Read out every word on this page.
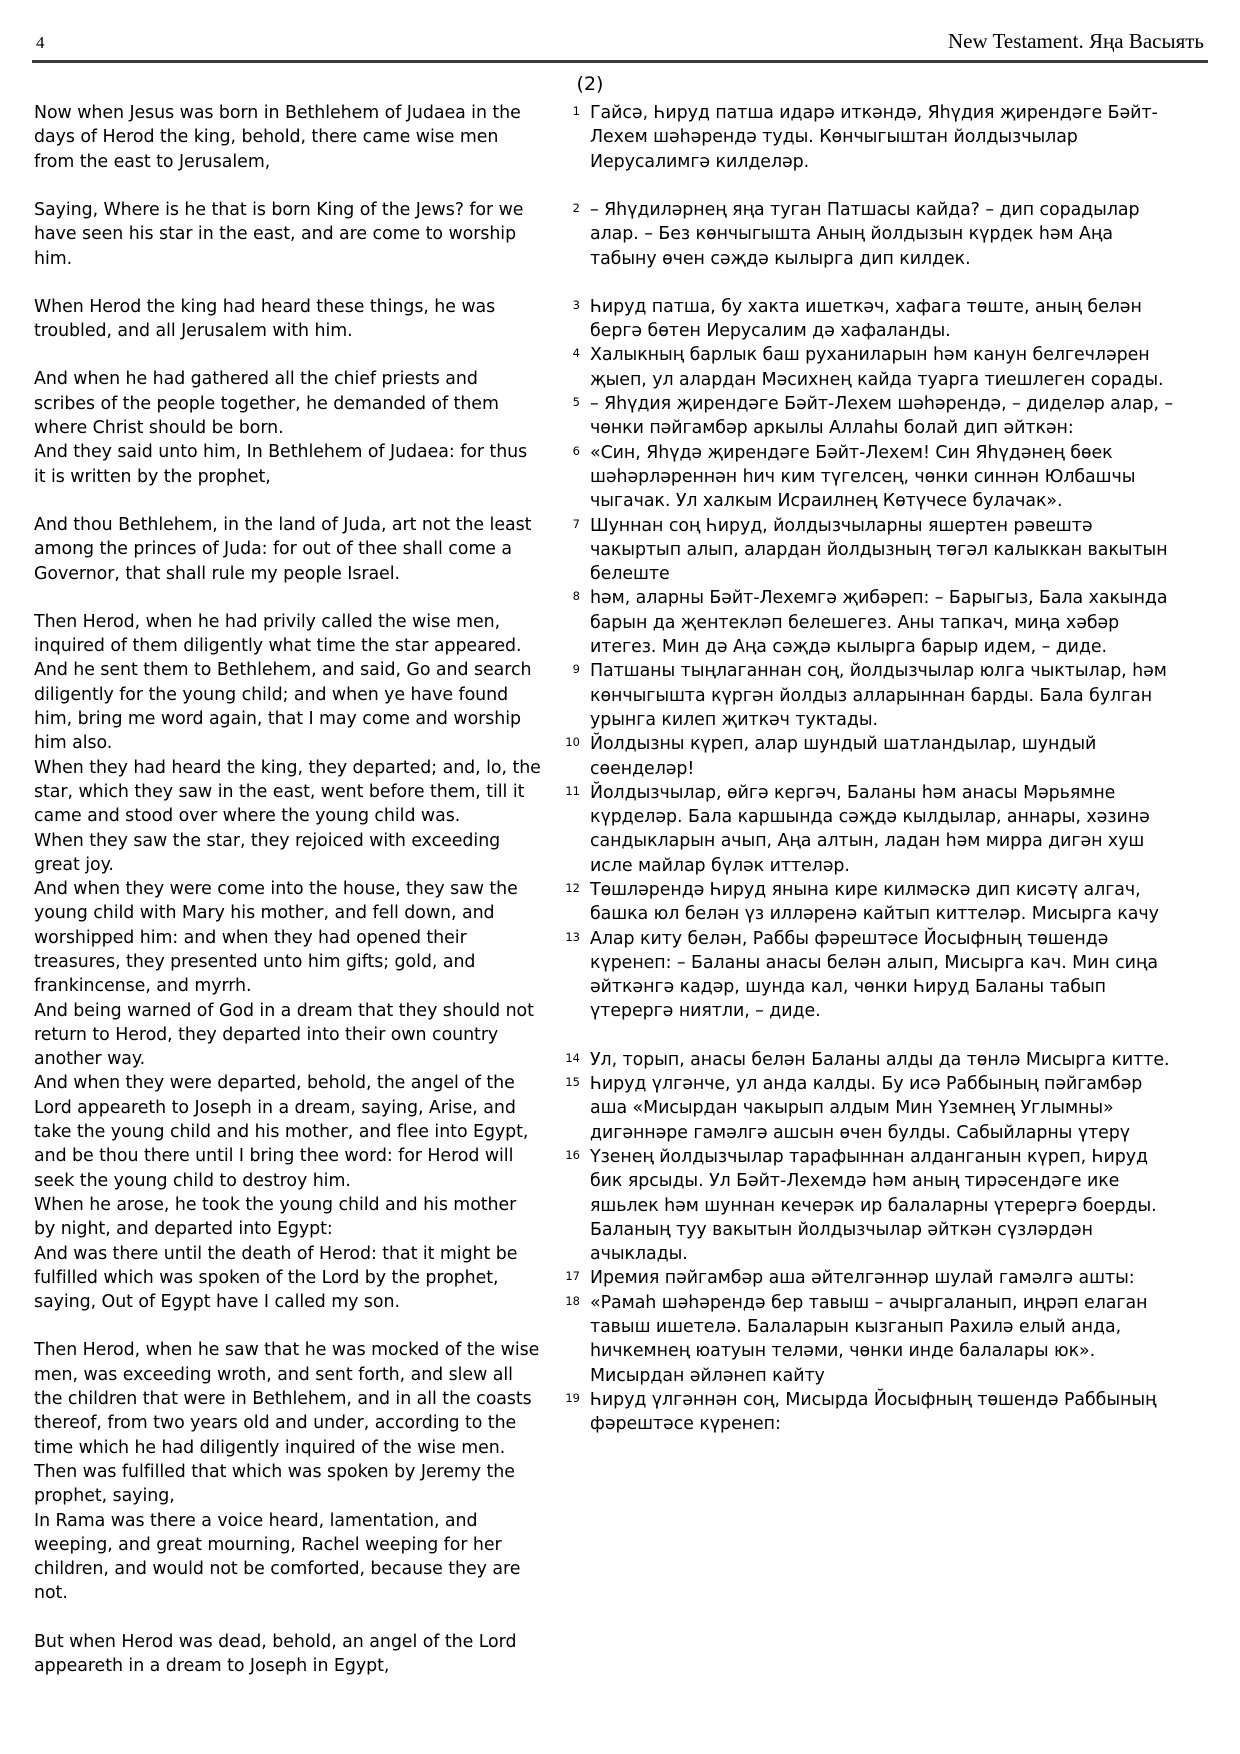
4	New Testament. Яңа Васыять
(2)

Now when Jesus was born in Bethlehem of Judaea in the days of Herod the king, behold, there came wise men from the east to Jerusalem,

Saying, Where is he that is born King of the Jews? for we have seen his star in the east, and are come to worship him.

When Herod the king had heard these things, he was troubled, and all Jerusalem with him.

And when he had gathered all the chief priests and scribes of the people together, he demanded of them where Christ should be born.

And they said unto him, In Bethlehem of Judaea: for thus it is written by the prophet,

And thou Bethlehem, in the land of Juda, art not the least among the princes of Juda: for out of thee shall come a Governor, that shall rule my people Israel.

Then Herod, when he had privily called the wise men, inquired of them diligently what time the star appeared.

And he sent them to Bethlehem, and said, Go and search diligently for the young child; and when ye have found him, bring me word again, that I may come and worship him also.

When they had heard the king, they departed; and, lo, the star, which they saw in the east, went before them, till it came and stood over where the young child was.

When they saw the star, they rejoiced with exceeding great joy.

And when they were come into the house, they saw the young child with Mary his mother, and fell down, and worshipped him: and when they had opened their treasures, they presented unto him gifts; gold, and frankincense, and myrrh.

And being warned of God in a dream that they should not return to Herod, they departed into their own country another way.

And when they were departed, behold, the angel of the Lord appeareth to Joseph in a dream, saying, Arise, and take the young child and his mother, and flee into Egypt, and be thou there until I bring thee word: for Herod will seek the young child to destroy him.

When he arose, he took the young child and his mother by night, and departed into Egypt:

And was there until the death of Herod: that it might be fulfilled which was spoken of the Lord by the prophet, saying, Out of Egypt have I called my son.

Then Herod, when he saw that he was mocked of the wise men, was exceeding wroth, and sent forth, and slew all the children that were in Bethlehem, and in all the coasts thereof, from two years old and under, according to the time which he had diligently inquired of the wise men.

Then was fulfilled that which was spoken by Jeremy the prophet, saying,

In Rama was there a voice heard, lamentation, and weeping, and great mourning, Rachel weeping for her children, and would not be comforted, because they are not.

But when Herod was dead, behold, an angel of the Lord appeareth in a dream to Joseph in Egypt,

1 Гайсә, Һируд патша идарә иткәндә, Яһүдия җирендәге Бәйт-Лехем шәһәрендә туды. Көнчыгыштан йолдызчылар Иерусалимгә килделәр.
2 – Яһүдиләрнең яңа туган Патшасы кайда? – дип сорадылар алар. – Без көнчыгышта Аның йолдызын күрдек һәм Аңа табыну өчен сәҗдә кылырга дип килдек.
3 Һируд патша, бу хакта ишеткәч, хафага төште, аның белән бергә бөтен Иерусалим дә хафаланды.
4 Халыкның барлык баш руханиларын һәм канун белгечләрен җыеп, ул алардан Мәсихнең кайда туарга тиешлеген сорады.
5 – Яһүдия җирендәге Бәйт-Лехем шәһәрендә, – диделәр алар, – чөнки пәйгамбәр аркылы Аллаһы болай дип әйткән:
6 «Син, Яһүдә җирендәге Бәйт-Лехем! Син Яһүдәнең бөек шәһәрләреннән һич ким түгелсең, чөнки синнән Юлбашчы чыгачак. Ул халкым Исраилнең Көтүчесе булачак».
7 Шуннан соң Һируд, йолдызчыларны яшертен рәвештә чакыртып алып, алардан йолдызның төгәл калыккан вакытын белеште
8 һәм, аларны Бәйт-Лехемгә җибәреп: – Барыгыз, Бала хакында барын да җентекләп белешегез. Аны тапкач, миңа хәбәр итегез. Мин дә Аңа сәҗдә кылырга барыр идем, – диде.
9 Патшаны тыңлаганнан соң, йолдызчылар юлга чыктылар, һәм көнчыгышта күргән йолдыз алларыннан барды. Бала булган урынга килеп җиткәч туктады.
10 Йолдызны күреп, алар шундый шатландылар, шундый сөенделәр!
11 Йолдызчылар, өйгә кергәч, Баланы һәм анасы Мәрьямне күрделәр. Бала каршында сәҗдә кылдылар, аннары, хәзинә сандыкларын ачып, Аңа алтын, ладан һәм мирра дигән хуш исле майлар бүләк иттеләр.
12 Төшләрендә Һируд янына кире килмәскә дип кисәтү алгач, башка юл белән үз илләренә кайтып киттеләр. Мисырга качу
13 Алар киту белән, Раббы фәрештәсе Йосыфның төшендә күренеп: – Баланы анасы белән алып, Мисырга кач. Мин сиңа әйткәнгә кадәр, шунда кал, чөнки Һируд Баланы табып үтерергә ниятли, – диде.
14 Ул, торып, анасы белән Баланы алды да төнлә Мисырга китте.
15 Һируд үлгәнче, ул анда калды. Бу исә Раббының пәйгамбәр аша «Мисырдан чакырып алдым Мин Үземнең Углымны» дигәннәре гамәлгә ашсын өчен булды. Сабыйларны үтерү
16 Үзенең йолдызчылар тарафыннан алданганын күреп, Һируд бик ярсыды. Ул Бәйт-Лехемдә һәм аның тирәсендәге ике яшьлек һәм шуннан кечерәк ир балаларны үтерергә боерды. Баланың туу вакытын йолдызчылар әйткән сүзләрдән ачыклады.
17 Иремия пәйгамбәр аша әйтелгәннәр шулай гамәлгә ашты:
18 «Рамаһ шәһәрендә бер тавыш – ачыргаланып, иңрәп елаган тавыш ишетелә. Балаларын кызганып Рахилә елый анда, һичкемнең юатуын теләми, чөнки инде балалары юк». Мисырдан әйләнеп кайту
19 Һируд үлгәннән соң, Мисырда Йосыфның төшендә Раббының фәрештәсе күренеп:
